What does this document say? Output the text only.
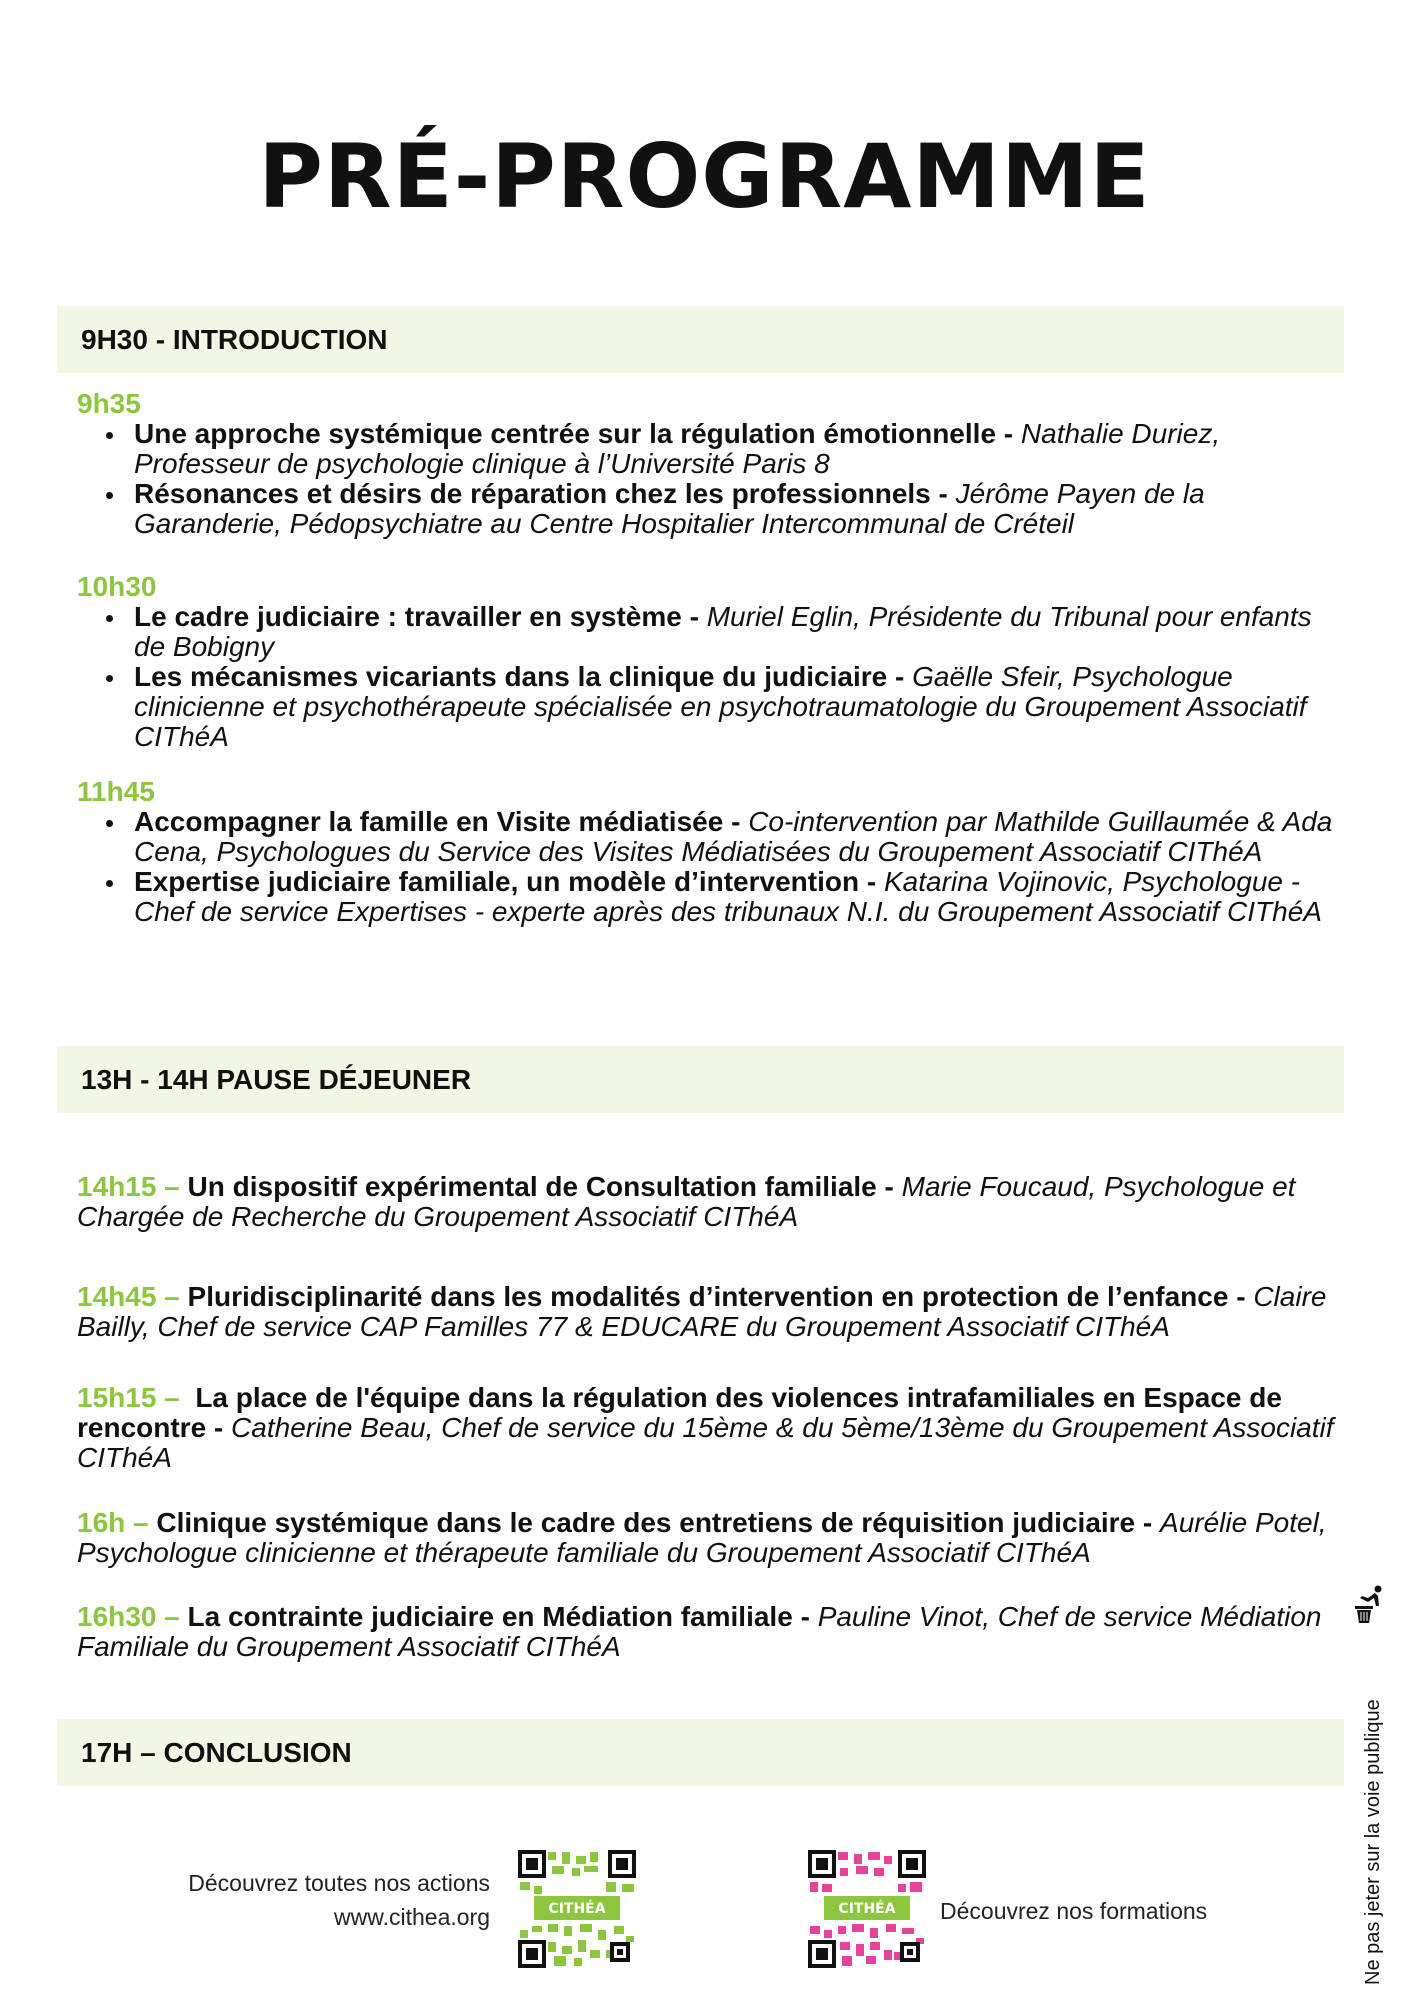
PRÉ-PROGRAMME
9H30 - INTRODUCTION
9h35
Une approche systémique centrée sur la régulation émotionnelle - Nathalie Duriez, Professeur de psychologie clinique à l’Université Paris 8
Résonances et désirs de réparation chez les professionnels - Jérôme Payen de la Garanderie, Pédopsychiatre au Centre Hospitalier Intercommunal de Créteil
10h30
Le cadre judiciaire : travailler en système - Muriel Eglin, Présidente du Tribunal pour enfants de Bobigny
Les mécanismes vicariants dans la clinique du judiciaire - Gaëlle Sfeir, Psychologue clinicienne et psychothérapeute spécialisée en psychotraumatologie du Groupement Associatif CIThéA
11h45
Accompagner la famille en Visite médiatisée - Co-intervention par Mathilde Guillaumée & Ada Cena, Psychologues du Service des Visites Médiatisées du Groupement Associatif CIThéA
Expertise judiciaire familiale, un modèle d’intervention - Katarina Vojinovic, Psychologue - Chef de service Expertises - experte après des tribunaux N.I. du Groupement Associatif CIThéA
13H - 14H PAUSE DÉJEUNER
14h15 – Un dispositif expérimental de Consultation familiale - Marie Foucaud, Psychologue et Chargée de Recherche du Groupement Associatif CIThéA
14h45 – Pluridisciplinarité dans les modalités d’intervention en protection de l’enfance - Claire Bailly, Chef de service CAP Familles 77 & EDUCARE du Groupement Associatif CIThéA
15h15 – La place de l'équipe dans la régulation des violences intrafamiliales en Espace de rencontre - Catherine Beau, Chef de service du 15ème & du 5ème/13ème du Groupement Associatif CIThéA
16h – Clinique systémique dans le cadre des entretiens de réquisition judiciaire - Aurélie Potel, Psychologue clinicienne et thérapeute familiale du Groupement Associatif CIThéA
16h30 – La contrainte judiciaire en Médiation familiale - Pauline Vinot, Chef de service Médiation Familiale du Groupement Associatif CIThéA
17H – CONCLUSION
Découvrez toutes nos actions
www.cithea.org	CITHÉA	CITHÉA Découvrez nos formations	Ne pas jeter sur la voie publique
